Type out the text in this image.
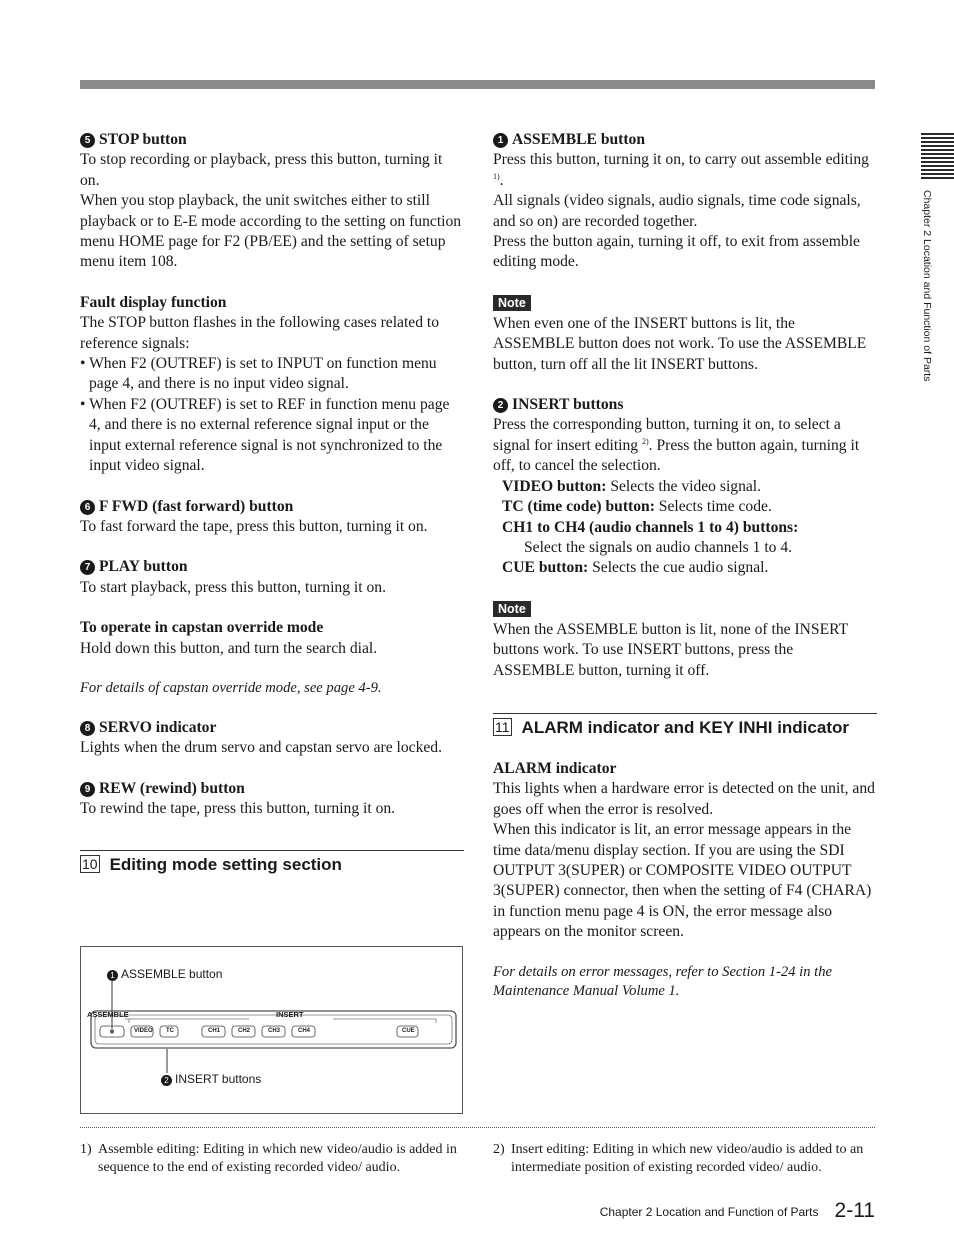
Chapter 2 Location and Function of Parts

5 STOP button

To stop recording or playback, press this button, turning it on.

When you stop playback, the unit switches either to still playback or to E-E mode according to the setting on function menu HOME page for F2 (PB/EE) and the setting of setup menu item 108.

Fault display function

The STOP button flashes in the following cases related to reference signals:

• When F2 (OUTREF) is set to INPUT on function menu page 4, and there is no input video signal.

• When F2 (OUTREF) is set to REF in function menu page 4, and there is no external reference signal input or the input external reference signal is not synchronized to the input video signal.

6 F FWD (fast forward) button

To fast forward the tape, press this button, turning it on.

7 PLAY button

To start playback, press this button, turning it on.

To operate in capstan override mode

Hold down this button, and turn the search dial.

For details of capstan override mode, see page 4-9.

8 SERVO indicator

Lights when the drum servo and capstan servo are locked.

9 REW (rewind) button

To rewind the tape, press this button, turning it on.

10 Editing mode setting section
1 ASSEMBLE button
2 INSERT buttons
ASSEMBLE	INSERT
VIDEO TC	CH1	CH2	CH3	CH4	CUE

1 ASSEMBLE button

Press this button, turning it on, to carry out assemble editing $^{1)}$.

All signals (video signals, audio signals, time code signals, and so on) are recorded together.

Press the button again, turning it off, to exit from assemble editing mode.

Note

When even one of the INSERT buttons is lit, the ASSEMBLE button does not work. To use the ASSEMBLE button, turn off all the lit INSERT buttons.

2 INSERT buttons

Press the corresponding button, turning it on, to select a signal for insert editing $^{2)}$. Press the button again, turning it off, to cancel the selection.

VIDEO button: Selects the video signal.

TC (time code) button: Selects time code.

CH1 to CH4 (audio channels 1 to 4) buttons:

Select the signals on audio channels 1 to 4.

CUE button: Selects the cue audio signal.

Note

When the ASSEMBLE button is lit, none of the INSERT buttons work. To use INSERT buttons, press the ASSEMBLE button, turning it off.

11 ALARM indicator and KEY INHI indicator

ALARM indicator

This lights when a hardware error is detected on the unit, and goes off when the error is resolved.

When this indicator is lit, an error message appears in the time data/menu display section. If you are using the SDI OUTPUT 3(SUPER) or COMPOSITE VIDEO OUTPUT 3(SUPER) connector, then when the setting of F4 (CHARA) in function menu page 4 is ON, the error message also appears on the monitor screen.

For details on error messages, refer to Section 1-24 in the Maintenance Manual Volume 1.

1) Assemble editing: Editing in which new video/audio is added in sequence to the end of existing recorded video/ audio.
2) Insert editing: Editing in which new video/audio is added to an intermediate position of existing recorded video/ audio.
Chapter 2 Location and Function of Parts 2-11
